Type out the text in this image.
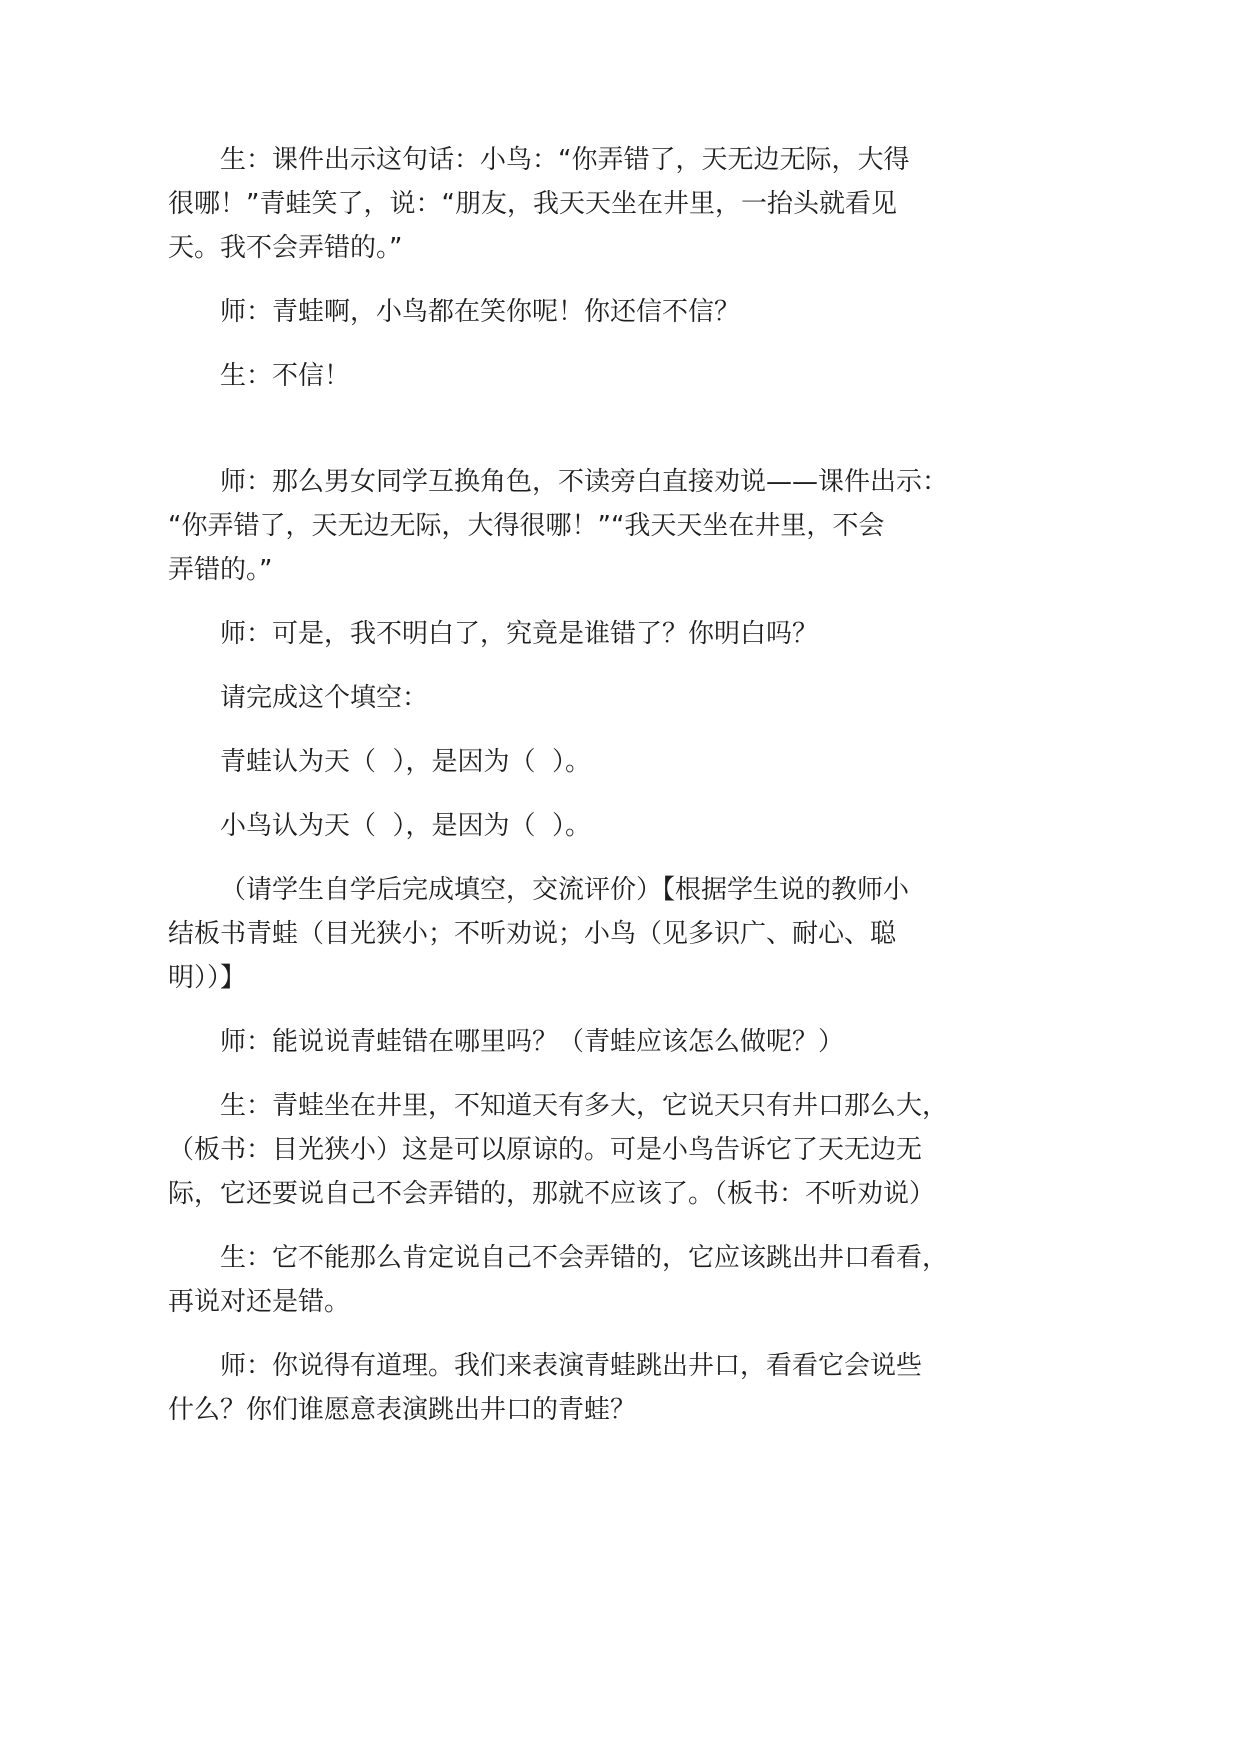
生：课件出示这句话：小鸟：“你弄错了，天无边无际，大得
很哪！”青蛙笑了，说：“朋友，我天天坐在井里，一抬头就看见
天。我不会弄错的。”
师：青蛙啊，小鸟都在笑你呢！你还信不信？
生：不信！
师：那么男女同学互换角色，不读旁白直接劝说——课件出示：
“你弄错了，天无边无际，大得很哪！”“我天天坐在井里，不会
弄错的。”
师：可是，我不明白了，究竟是谁错了？你明白吗？
请完成这个填空：
青蛙认为天（  ），是因为（  ）。
小鸟认为天（  ），是因为（  ）。
（请学生自学后完成填空，交流评价）【根据学生说的教师小
结板书青蛙（目光狭小；不听劝说；小鸟（见多识广、耐心、聪
明））】
师：能说说青蛙错在哪里吗？（青蛙应该怎么做呢？）
生：青蛙坐在井里，不知道天有多大，它说天只有井口那么大，
（板书：目光狭小）这是可以原谅的。可是小鸟告诉它了天无边无
际，它还要说自己不会弄错的，那就不应该了。（板书：不听劝说）
生：它不能那么肯定说自己不会弄错的，它应该跳出井口看看，
再说对还是错。
师：你说得有道理。我们来表演青蛙跳出井口，看看它会说些
什么？你们谁愿意表演跳出井口的青蛙？
